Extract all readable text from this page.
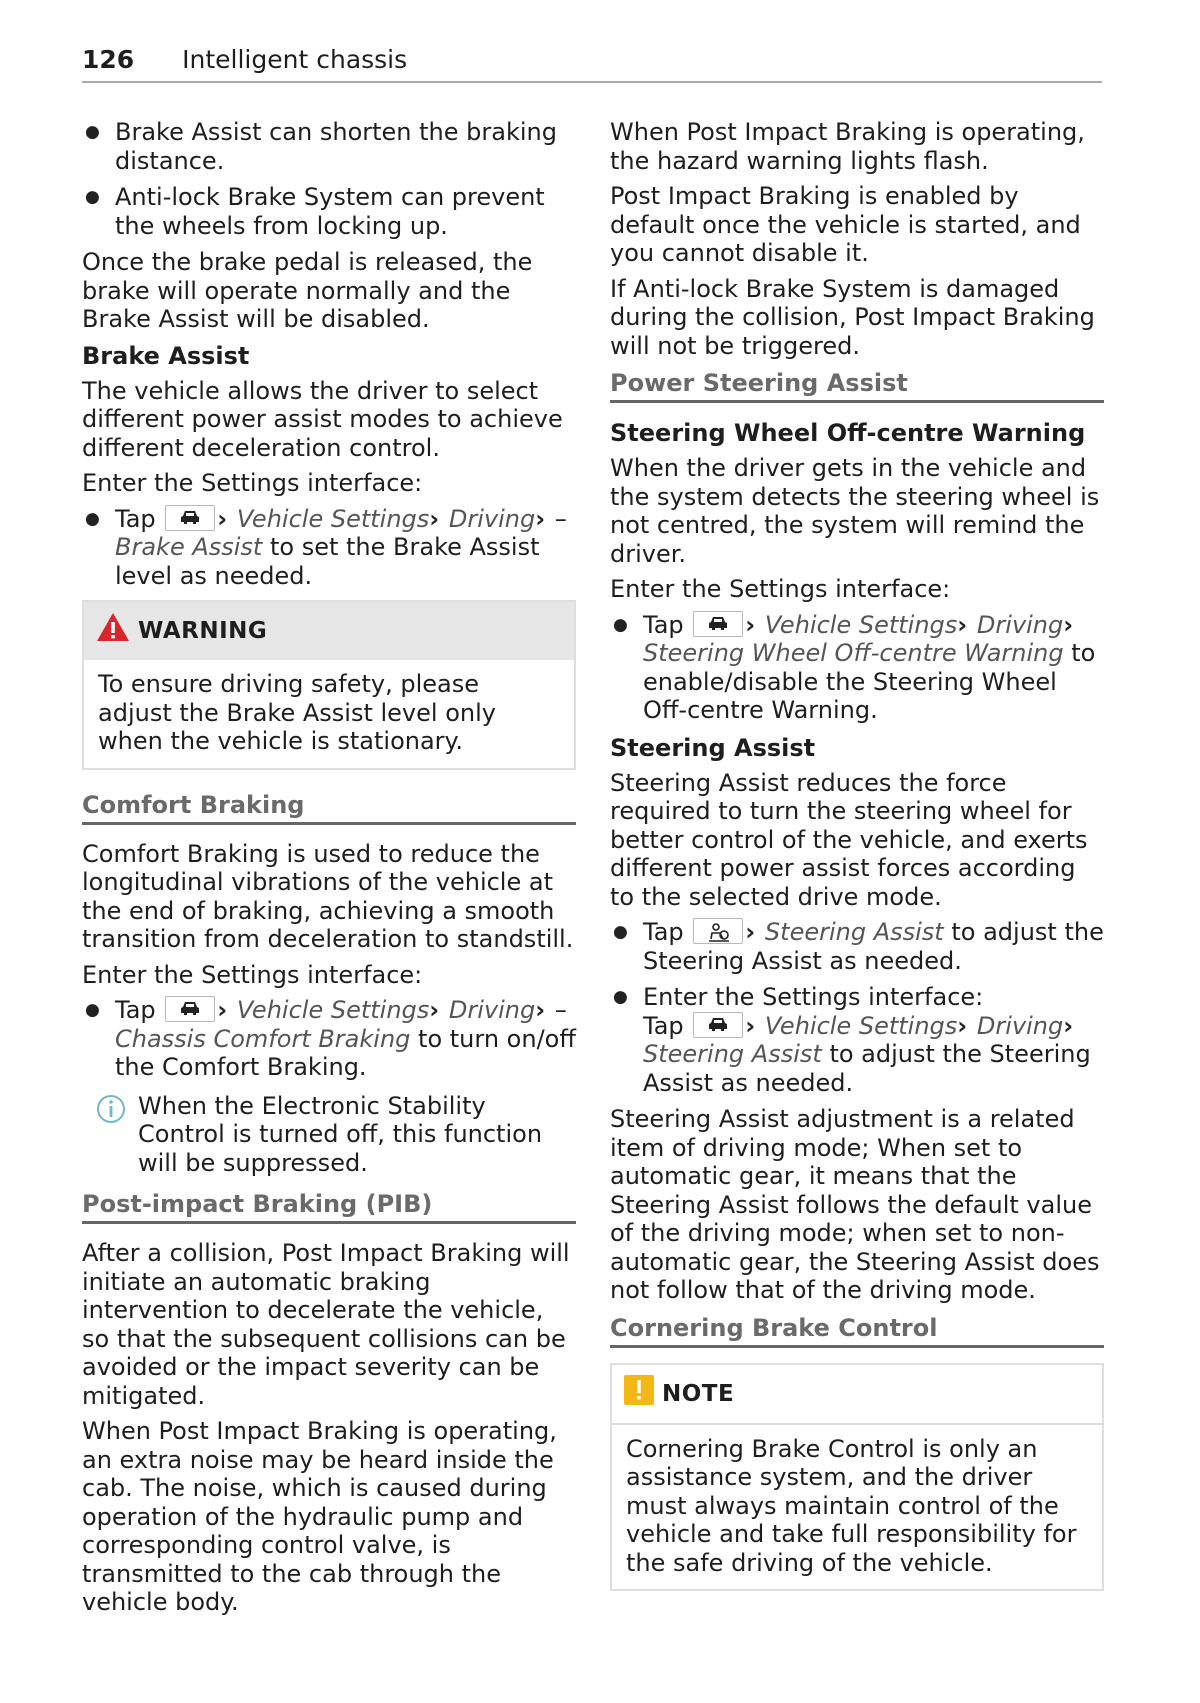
126 Intelligent chassis
● Brake Assist can shorten the braking distance.
● Anti-lock Brake System can prevent the wheels from locking up.

Once the brake pedal is released, the brake will operate normally and the Brake Assist will be disabled.

Brake Assist

The vehicle allows the driver to select different power assist modes to achieve different deceleration control.

Enter the Settings interface:

● Tap	› Vehicle Settings› Driving› – Brake Assist to set the Brake Assist level as needed.
WARNING

To ensure driving safety, please adjust the Brake Assist level only when the vehicle is stationary.

Comfort Braking

Comfort Braking is used to reduce the longitudinal vibrations of the vehicle at the end of braking, achieving a smooth transition from deceleration to standstill.

Enter the Settings interface:

● Tap	› Vehicle Settings› Driving› – Chassis Comfort Braking to turn on/off the Comfort Braking.

When the Electronic Stability Control is turned off, this function will be suppressed.

Post-impact Braking (PIB)

After a collision, Post Impact Braking will initiate an automatic braking intervention to decelerate the vehicle, so that the subsequent collisions can be avoided or the impact severity can be mitigated.

When Post Impact Braking is operating, an extra noise may be heard inside the cab. The noise, which is caused during operation of the hydraulic pump and corresponding control valve, is transmitted to the cab through the vehicle body.

When Post Impact Braking is operating, the hazard warning lights flash.

Post Impact Braking is enabled by default once the vehicle is started, and you cannot disable it.

If Anti-lock Brake System is damaged during the collision, Post Impact Braking will not be triggered.

Power Steering Assist
Steering Wheel Off-centre Warning

When the driver gets in the vehicle and the system detects the steering wheel is not centred, the system will remind the driver.

Enter the Settings interface:

● Tap	› Vehicle Settings› Driving› Steering Wheel Off-centre Warning to enable/disable the Steering Wheel Off-centre Warning.
Steering Assist

Steering Assist reduces the force required to turn the steering wheel for better control of the vehicle, and exerts different power assist forces according to the selected drive mode.

● Tap	› Steering Assist to adjust the Steering Assist as needed.
● Enter the Settings interface:
Tap	› Vehicle Settings› Driving› Steering Assist to adjust the Steering Assist as needed.

Steering Assist adjustment is a related item of driving mode; When set to automatic gear, it means that the Steering Assist follows the default value of the driving mode; when set to non-automatic gear, the Steering Assist does not follow that of the driving mode.

Cornering Brake Control
NOTE

Cornering Brake Control is only an assistance system, and the driver must always maintain control of the vehicle and take full responsibility for the safe driving of the vehicle.
